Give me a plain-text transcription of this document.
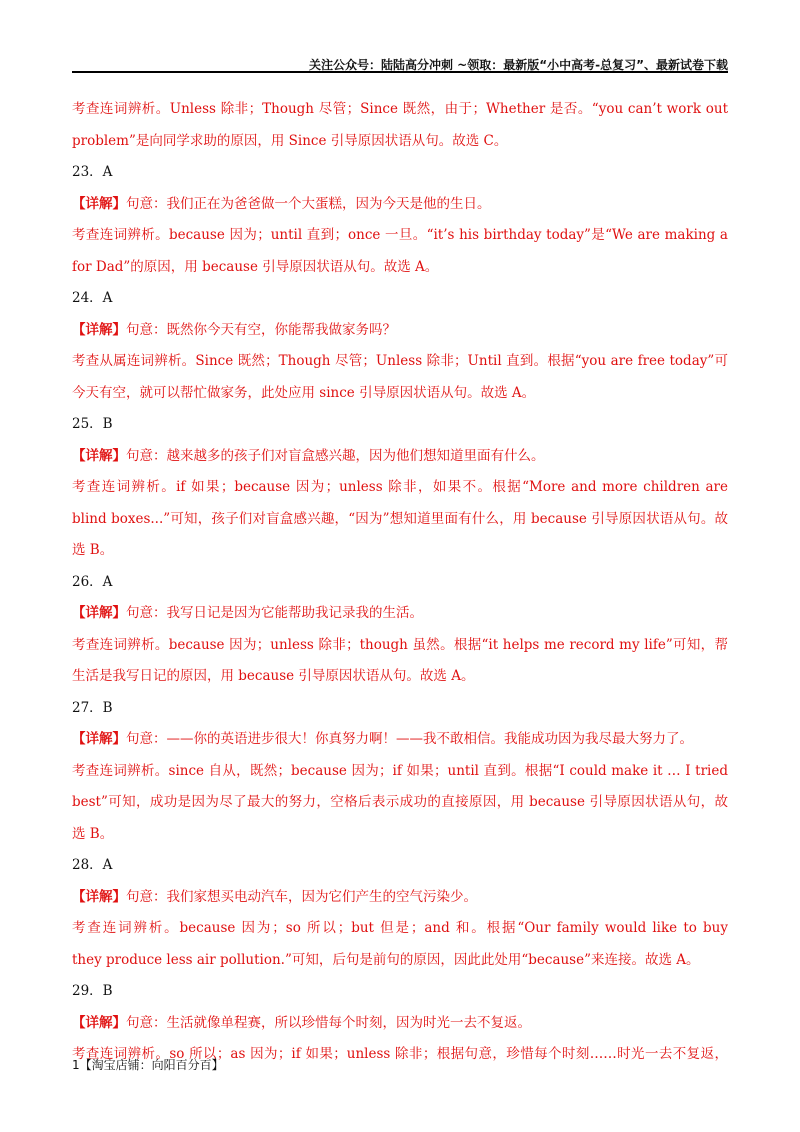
关注公众号：陆陆高分冲刺 ~领取：最新版“小中高考-总复习”、最新试卷下载
考查连词辨析。Unless 除非；Though 尽管；Since 既然，由于；Whether 是否。“you can’t work out
problem”是向同学求助的原因，用 Since 引导原因状语从句。故选 C。
23．A
【详解】句意：我们正在为爸爸做一个大蛋糕，因为今天是他的生日。
考查连词辨析。because 因为；until 直到；once 一旦。“it’s his birthday today”是“We are making a
for Dad”的原因，用 because 引导原因状语从句。故选 A。
24．A
【详解】句意：既然你今天有空，你能帮我做家务吗？
考查从属连词辨析。Since 既然；Though 尽管；Unless 除非；Until 直到。根据“you are free today”可
今天有空，就可以帮忙做家务，此处应用 since 引导原因状语从句。故选 A。
25．B
【详解】句意：越来越多的孩子们对盲盒感兴趣，因为他们想知道里面有什么。
考查连词辨析。if 如果；because 因为；unless 除非，如果不。根据“More and more children are
blind boxes...”可知，孩子们对盲盒感兴趣，“因为”想知道里面有什么，用 because 引导原因状语从句。故
选 B。
26．A
【详解】句意：我写日记是因为它能帮助我记录我的生活。
考查连词辨析。because 因为；unless 除非；though 虽然。根据“it helps me record my life”可知，帮
生活是我写日记的原因，用 because 引导原因状语从句。故选 A。
27．B
【详解】句意：——你的英语进步很大！你真努力啊！——我不敢相信。我能成功因为我尽最大努力了。
考查连词辨析。since 自从，既然；because 因为；if 如果；until 直到。根据“I could make it … I tried
best”可知，成功是因为尽了最大的努力，空格后表示成功的直接原因，用 because 引导原因状语从句，故
选 B。
28．A
【详解】句意：我们家想买电动汽车，因为它们产生的空气污染少。
考查连词辨析。because 因为；so 所以；but 但是；and 和。根据“Our family would like to buy
they produce less air pollution.”可知，后句是前句的原因，因此此处用“because”来连接。故选 A。
29．B
【详解】句意：生活就像单程赛，所以珍惜每个时刻，因为时光一去不复返。
考查连词辨析。so 所以；as 因为；if 如果；unless 除非；根据句意，珍惜每个时刻……时光一去不复返，
1【淘宝店铺：向阳百分百】
